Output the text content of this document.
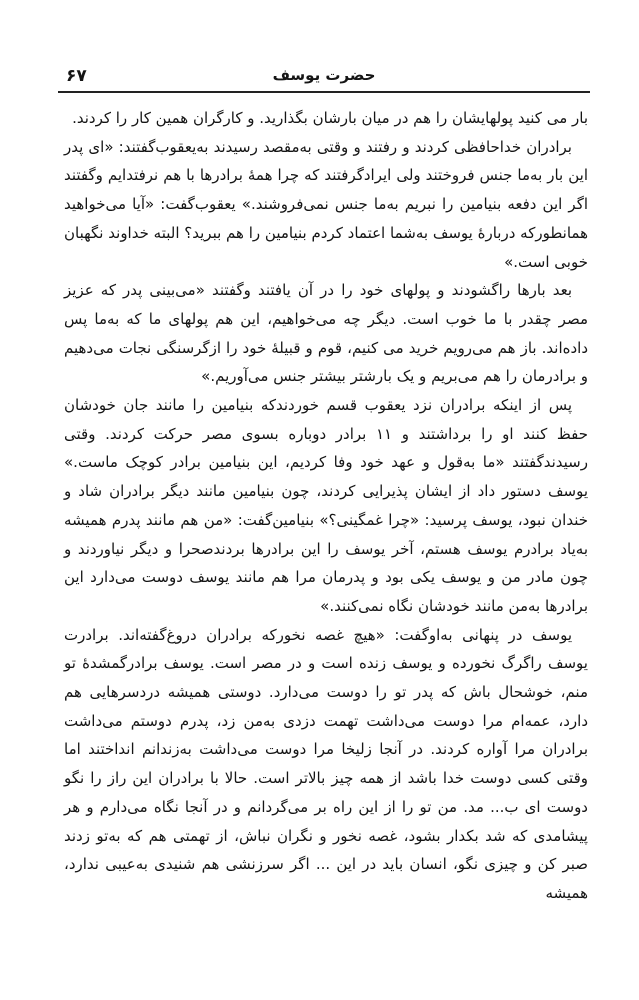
۶۷	حضرت یوسف

بار می کنید پولهایشان را هم در میان بارشان بگذارید. و کارگران همین کار را کردند.

برادران خداحافظی کردند و رفتند و وقتی به‌مقصد رسیدند به‌یعقوب‌گفتند: «ای پدر این بار به‌ما جنس فروختند ولی ایرادگرفتند که چرا همهٔ برادرها با هم نرفتدایم وگفتند اگر این دفعه بنیامین را نبریم به‌ما جنس نمی‌فروشند.» یعقوب‌گفت: «آیا می‌خواهید همانطورکه دربارهٔ یوسف به‌شما اعتماد کردم بنیامین را هم ببرید؟ البته خداوند نگهبان خوبی است.»

بعد بارها راگشودند و پولهای خود را در آن یافتند وگفتند «می‌بینی پدر که عزیز مصر چقدر با ما خوب است. دیگر چه می‌خواهیم، این هم پولهای ما که به‌ما پس داده‌اند. باز هم می‌رویم خرید می کنیم، قوم و قبیلهٔ خود را ازگرسنگی نجات می‌دهیم و برادرمان را هم می‌بریم و یک بارشتر بیشتر جنس می‌آوریم.»

پس از اینکه برادران نزد یعقوب قسم خوردندکه بنیامین را مانند جان خودشان حفظ کنند او را برداشتند و ۱۱ برادر دوباره بسوی مصر حرکت کردند. وقتی رسیدندگفتند «ما به‌قول و عهد خود وفا کردیم، این بنیامین برادر کوچک ماست.» یوسف دستور داد از ایشان پذیرایی کردند، چون بنیامین مانند دیگر برادران شاد و خندان نبود، یوسف پرسید: «چرا غمگینی؟» بنیامین‌گفت: «من هم مانند پدرم همیشه به‌یاد برادرم یوسف هستم، آخر یوسف را این برادرها بردندصحرا و دیگر نیاوردند و چون مادر من و یوسف یکی بود و پدرمان مرا هم مانند یوسف دوست می‌دارد این برادرها به‌من مانند خودشان نگاه نمی‌کنند.»

یوسف در پنهانی به‌اوگفت: «هیچ غصه نخورکه برادران دروغ‌گفته‌اند. برادرت یوسف راگرگ نخورده و یوسف زنده است و در مصر است. یوسف برادرگمشدهٔ تو منم، خوشحال باش که پدر تو را دوست می‌دارد. دوستی همیشه دردسرهایی هم دارد، عمه‌ام مرا دوست می‌داشت تهمت دزدی به‌من زد، پدرم دوستم می‌داشت برادران مرا آواره کردند. در آنجا زلیخا مرا دوست می‌داشت به‌زندانم انداختند اما وقتی کسی دوست خدا باشد از همه چیز بالاتر است. حالا با برادران این راز را نگو دوست ای ب... مد. من تو را از این راه بر می‌گردانم و در آنجا نگاه می‌دارم و هر پیشامدی که شد بکدار بشود، غصه نخور و نگران نباش، از تهمتی هم که به‌تو زدند صبر کن و چیزی نگو، انسان باید در این ... اگر سرزنشی هم شنیدی به‌عیبی ندارد، همیشه
